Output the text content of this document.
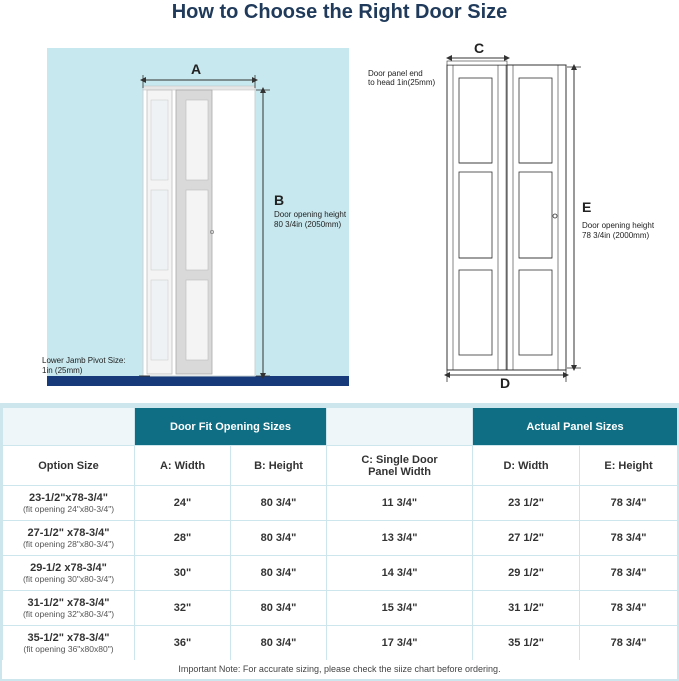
How to Choose the Right Door Size
A
B
Door opening height
80 3/4in (2050mm)
Lower Jamb Pivot Size:
1in (25mm)
C
Door panel end
to head 1in(25mm)
E
Door opening height
78 3/4in (2000mm)
D
	Door Fit Opening Sizes			Actual Panel Sizes	
Option Size	A: Width	B: Height	C: Single Door
Panel Width	D: Width	E: Height

23-1/2"x78-3/4"
(fit opening 24"x80-3/4")	24"	80 3/4"	11 3/4"	23 1/2"	78 3/4"

27-1/2" x78-3/4"
(fit opening 28"x80-3/4")	28"	80 3/4"	13 3/4"	27 1/2"	78 3/4"

29-1/2 x78-3/4"
(fit opening 30"x80-3/4")	30"	80 3/4"	14 3/4"	29 1/2"	78 3/4"

31-1/2" x78-3/4"
(fit opening 32"x80-3/4")	32"	80 3/4"	15 3/4"	31 1/2"	78 3/4"

35-1/2" x78-3/4"
(fit opening 36"x80x80")	36"	80 3/4"	17 3/4"	35 1/2"	78 3/4"
Important Note: For accurate sizing, please check the siize chart before ordering.
